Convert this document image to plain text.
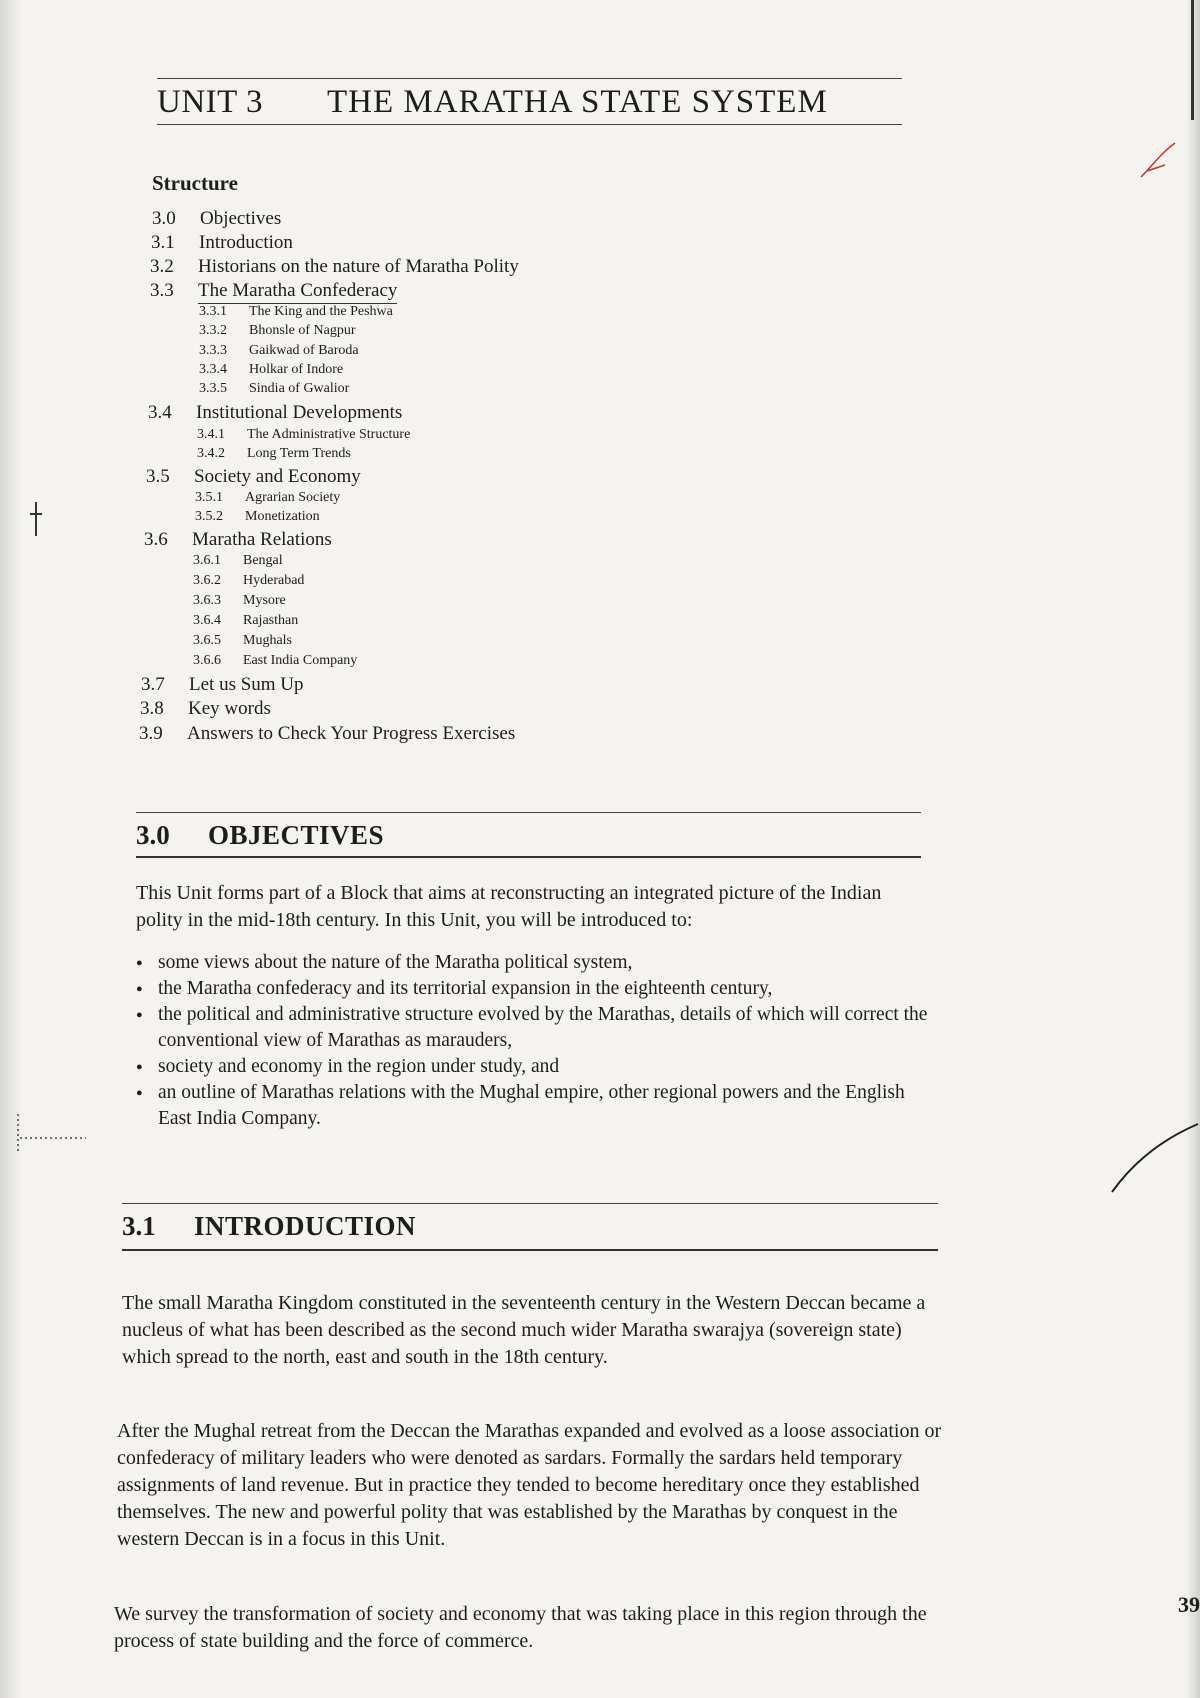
UNIT 3 THE MARATHA STATE SYSTEM
Structure
3.0 Objectives
3.1 Introduction
3.2 Historians on the nature of Maratha Polity
3.3 The Maratha Confederacy
3.3.1 The King and the Peshwa
3.3.2 Bhonsle of Nagpur
3.3.3 Gaikwad of Baroda
3.3.4 Holkar of Indore
3.3.5 Sindia of Gwalior
3.4 Institutional Developments
3.4.1 The Administrative Structure
3.4.2 Long Term Trends
3.5 Society and Economy
3.5.1 Agrarian Society
3.5.2 Monetization
3.6 Maratha Relations
3.6.1 Bengal
3.6.2 Hyderabad
3.6.3 Mysore
3.6.4 Rajasthan
3.6.5 Mughals
3.6.6 East India Company
3.7 Let us Sum Up
3.8 Key words
3.9 Answers to Check Your Progress Exercises
3.0 OBJECTIVES

This Unit forms part of a Block that aims at reconstructing an integrated picture of the Indian polity in the mid-18th century. In this Unit, you will be introduced to:

● some views about the nature of the Maratha political system,
● the Maratha confederacy and its territorial expansion in the eighteenth century,
● the political and administrative structure evolved by the Marathas, details of which will correct the conventional view of Marathas as marauders,
● society and economy in the region under study, and
● an outline of Marathas relations with the Mughal empire, other regional powers and the English East India Company.
3.1 INTRODUCTION

The small Maratha Kingdom constituted in the seventeenth century in the Western Deccan became a nucleus of what has been described as the second much wider Maratha swarajya (sovereign state) which spread to the north, east and south in the 18th century.

After the Mughal retreat from the Deccan the Marathas expanded and evolved as a loose association or confederacy of military leaders who were denoted as sardars. Formally the sardars held temporary assignments of land revenue. But in practice they tended to become hereditary once they established themselves. The new and powerful polity that was established by the Marathas by conquest in the western Deccan is in a focus in this Unit.

We survey the transformation of society and economy that was taking place in this region through the process of state building and the force of commerce.

39
